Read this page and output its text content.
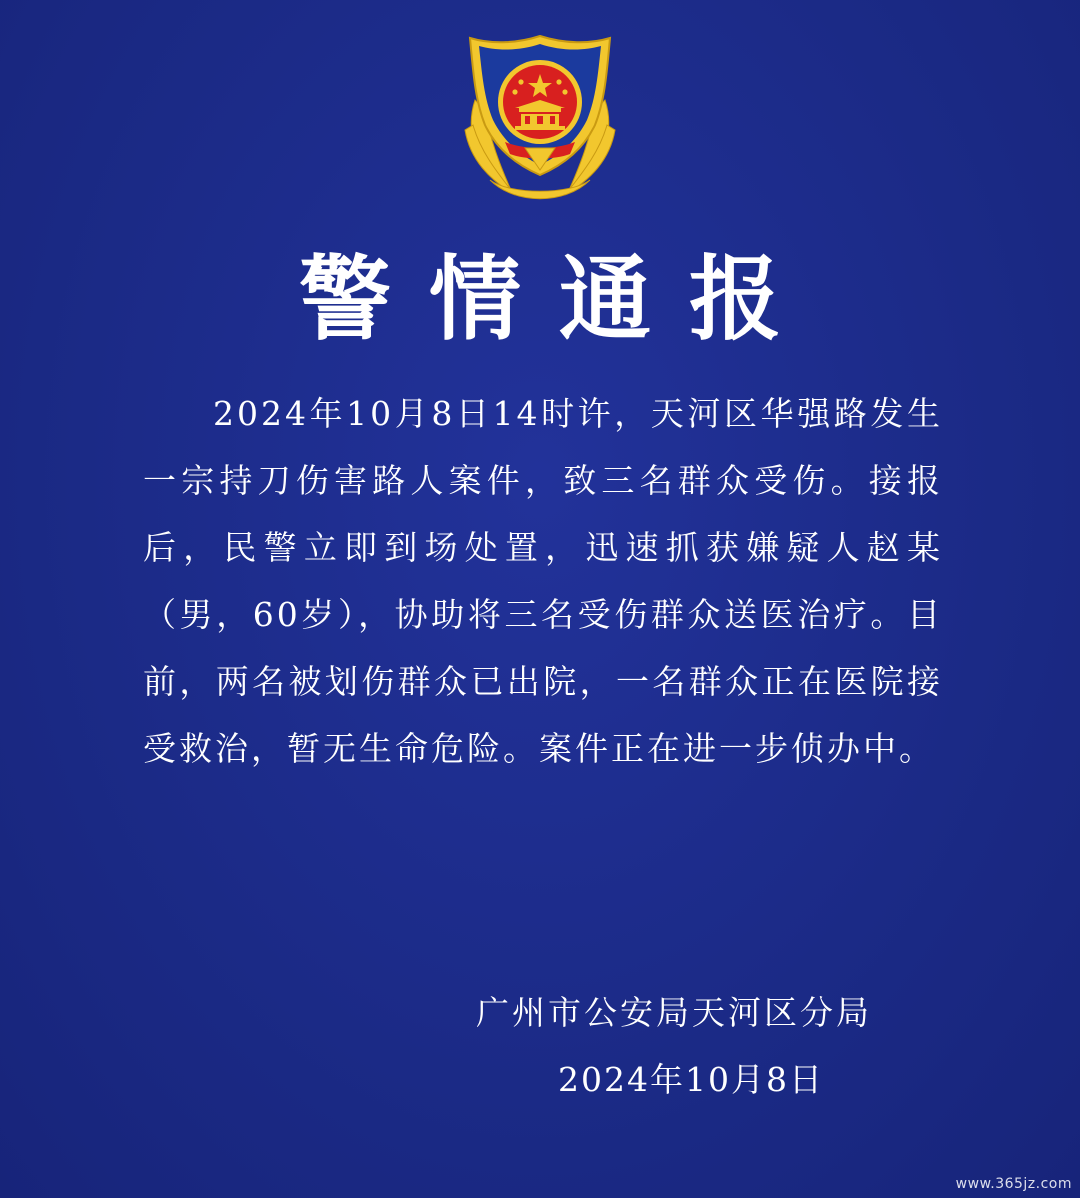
警情通报

2024年10月8日14时许，天河区华强路发生一宗持刀伤害路人案件，致三名群众受伤。接报后，民警立即到场处置，迅速抓获嫌疑人赵某（男，60岁），协助将三名受伤群众送医治疗。目前，两名被划伤群众已出院，一名群众正在医院接受救治，暂无生命危险。案件正在进一步侦办中。

广州市公安局天河区分局
2024年10月8日
www.365jz.com
